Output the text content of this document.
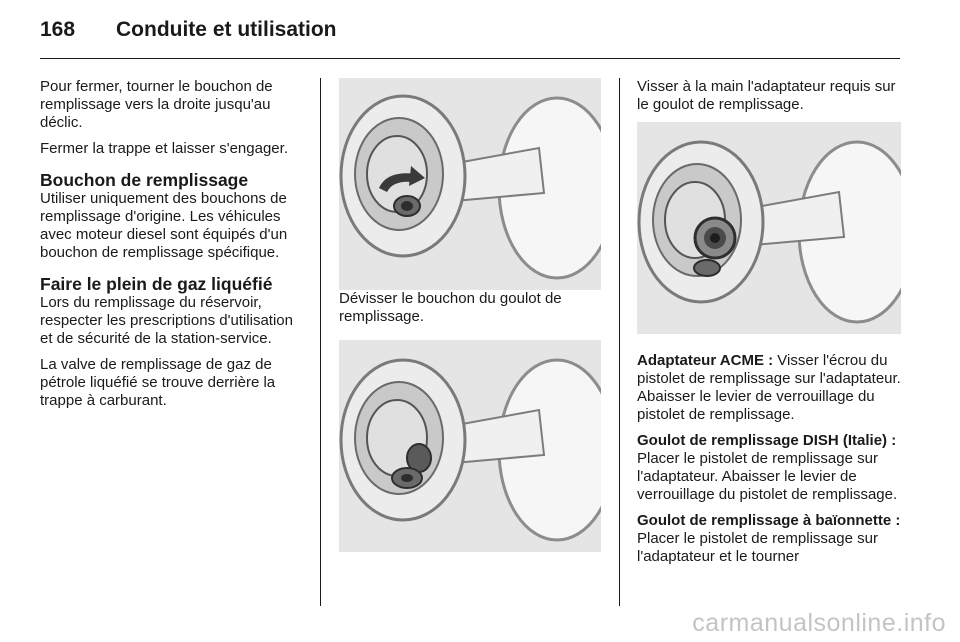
168 Conduite et utilisation

Pour fermer, tourner le bouchon de remplissage vers la droite jusqu'au déclic.

Fermer la trappe et laisser s'engager.

Bouchon de remplissage

Utiliser uniquement des bouchons de remplissage d'origine. Les véhicules avec moteur diesel sont équipés d'un bouchon de remplissage spécifique.

Faire le plein de gaz liquéfié

Lors du remplissage du réservoir, respecter les prescriptions d'utilisation et de sécurité de la station-service.

La valve de remplissage de gaz de pétrole liquéfié se trouve derrière la trappe à carburant.

Dévisser le bouchon du goulot de remplissage.

Visser à la main l'adaptateur requis sur le goulot de remplissage.

Adaptateur ACME : Visser l'écrou du pistolet de remplissage sur l'adaptateur. Abaisser le levier de verrouillage du pistolet de remplissage.

Goulot de remplissage DISH (Italie) : Placer le pistolet de remplissage sur l'adaptateur. Abaisser le levier de verrouillage du pistolet de remplissage.

Goulot de remplissage à baïonnette : Placer le pistolet de remplissage sur l'adaptateur et le tourner

carmanualsonline.info
